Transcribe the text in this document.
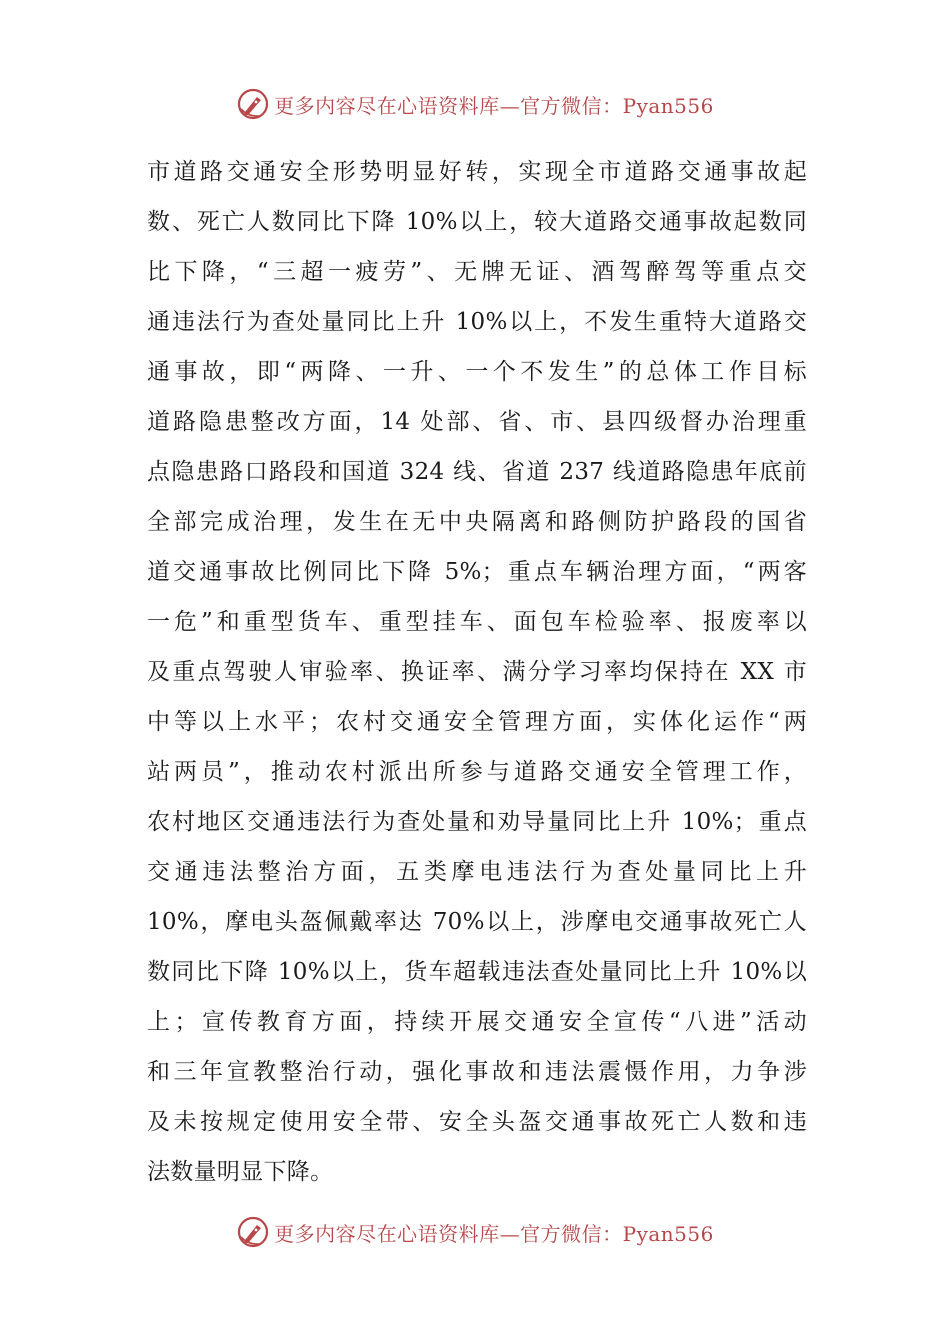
更多内容尽在心语资料库—官方微信：Pyan556
市道路交通安全形势明显好转，实现全市道路交通事故起
数、死亡人数同比下降 10%以上，较大道路交通事故起数同
比下降，“三超一疲劳”、无牌无证、酒驾醉驾等重点交
通违法行为查处量同比上升 10%以上，不发生重特大道路交
通事故，即“两降、一升、一个不发生”的总体工作目标
道路隐患整改方面，14 处部、省、市、县四级督办治理重
点隐患路口路段和国道 324 线、省道 237 线道路隐患年底前
全部完成治理，发生在无中央隔离和路侧防护路段的国省
道交通事故比例同比下降 5%；重点车辆治理方面，“两客
一危”和重型货车、重型挂车、面包车检验率、报废率以
及重点驾驶人审验率、换证率、满分学习率均保持在 XX 市
中等以上水平；农村交通安全管理方面，实体化运作“两
站两员”，推动农村派出所参与道路交通安全管理工作，
农村地区交通违法行为查处量和劝导量同比上升 10%；重点
交通违法整治方面，五类摩电违法行为查处量同比上升
10%，摩电头盔佩戴率达 70%以上，涉摩电交通事故死亡人
数同比下降 10%以上，货车超载违法查处量同比上升 10%以
上；宣传教育方面，持续开展交通安全宣传“八进”活动
和三年宣教整治行动，强化事故和违法震慑作用，力争涉
及未按规定使用安全带、安全头盔交通事故死亡人数和违
法数量明显下降。
更多内容尽在心语资料库—官方微信：Pyan556
